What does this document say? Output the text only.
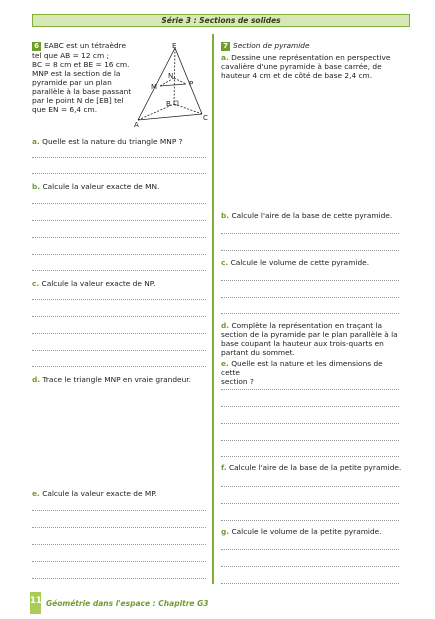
Série 3 : Sections de solides
6 EABC est un tétraèdre
tel que AB = 12 cm ;
BC = 8 cm et BE = 16 cm.
MNP est la section de la
pyramide par un plan
parallèle à la base passant
par le point N de [EB] tel
que EN = 6,4 cm.
E
N
M	P
B
C
A
a. Quelle est la nature du triangle MNP ?
b. Calcule la valeur exacte de MN.
c. Calcule la valeur exacte de NP.
d. Trace le triangle MNP en vraie grandeur.
e. Calcule la valeur exacte de MP.
7 Section de pyramide
a. Dessine une représentation en perspective
cavalière d'une pyramide à base carrée, de
hauteur 4 cm et de côté de base 2,4 cm.
b. Calcule l'aire de la base de cette pyramide.
c. Calcule le volume de cette pyramide.
d. Complète la représentation en traçant la
section de la pyramide par le plan parallèle à la
base coupant la hauteur aux trois-quarts en
partant du sommet.
e. Quelle est la nature et les dimensions de cette
section ?
f. Calcule l'aire de la base de la petite pyramide.
g. Calcule le volume de la petite pyramide.
118
Géométrie dans l'espace : Chapitre G3
